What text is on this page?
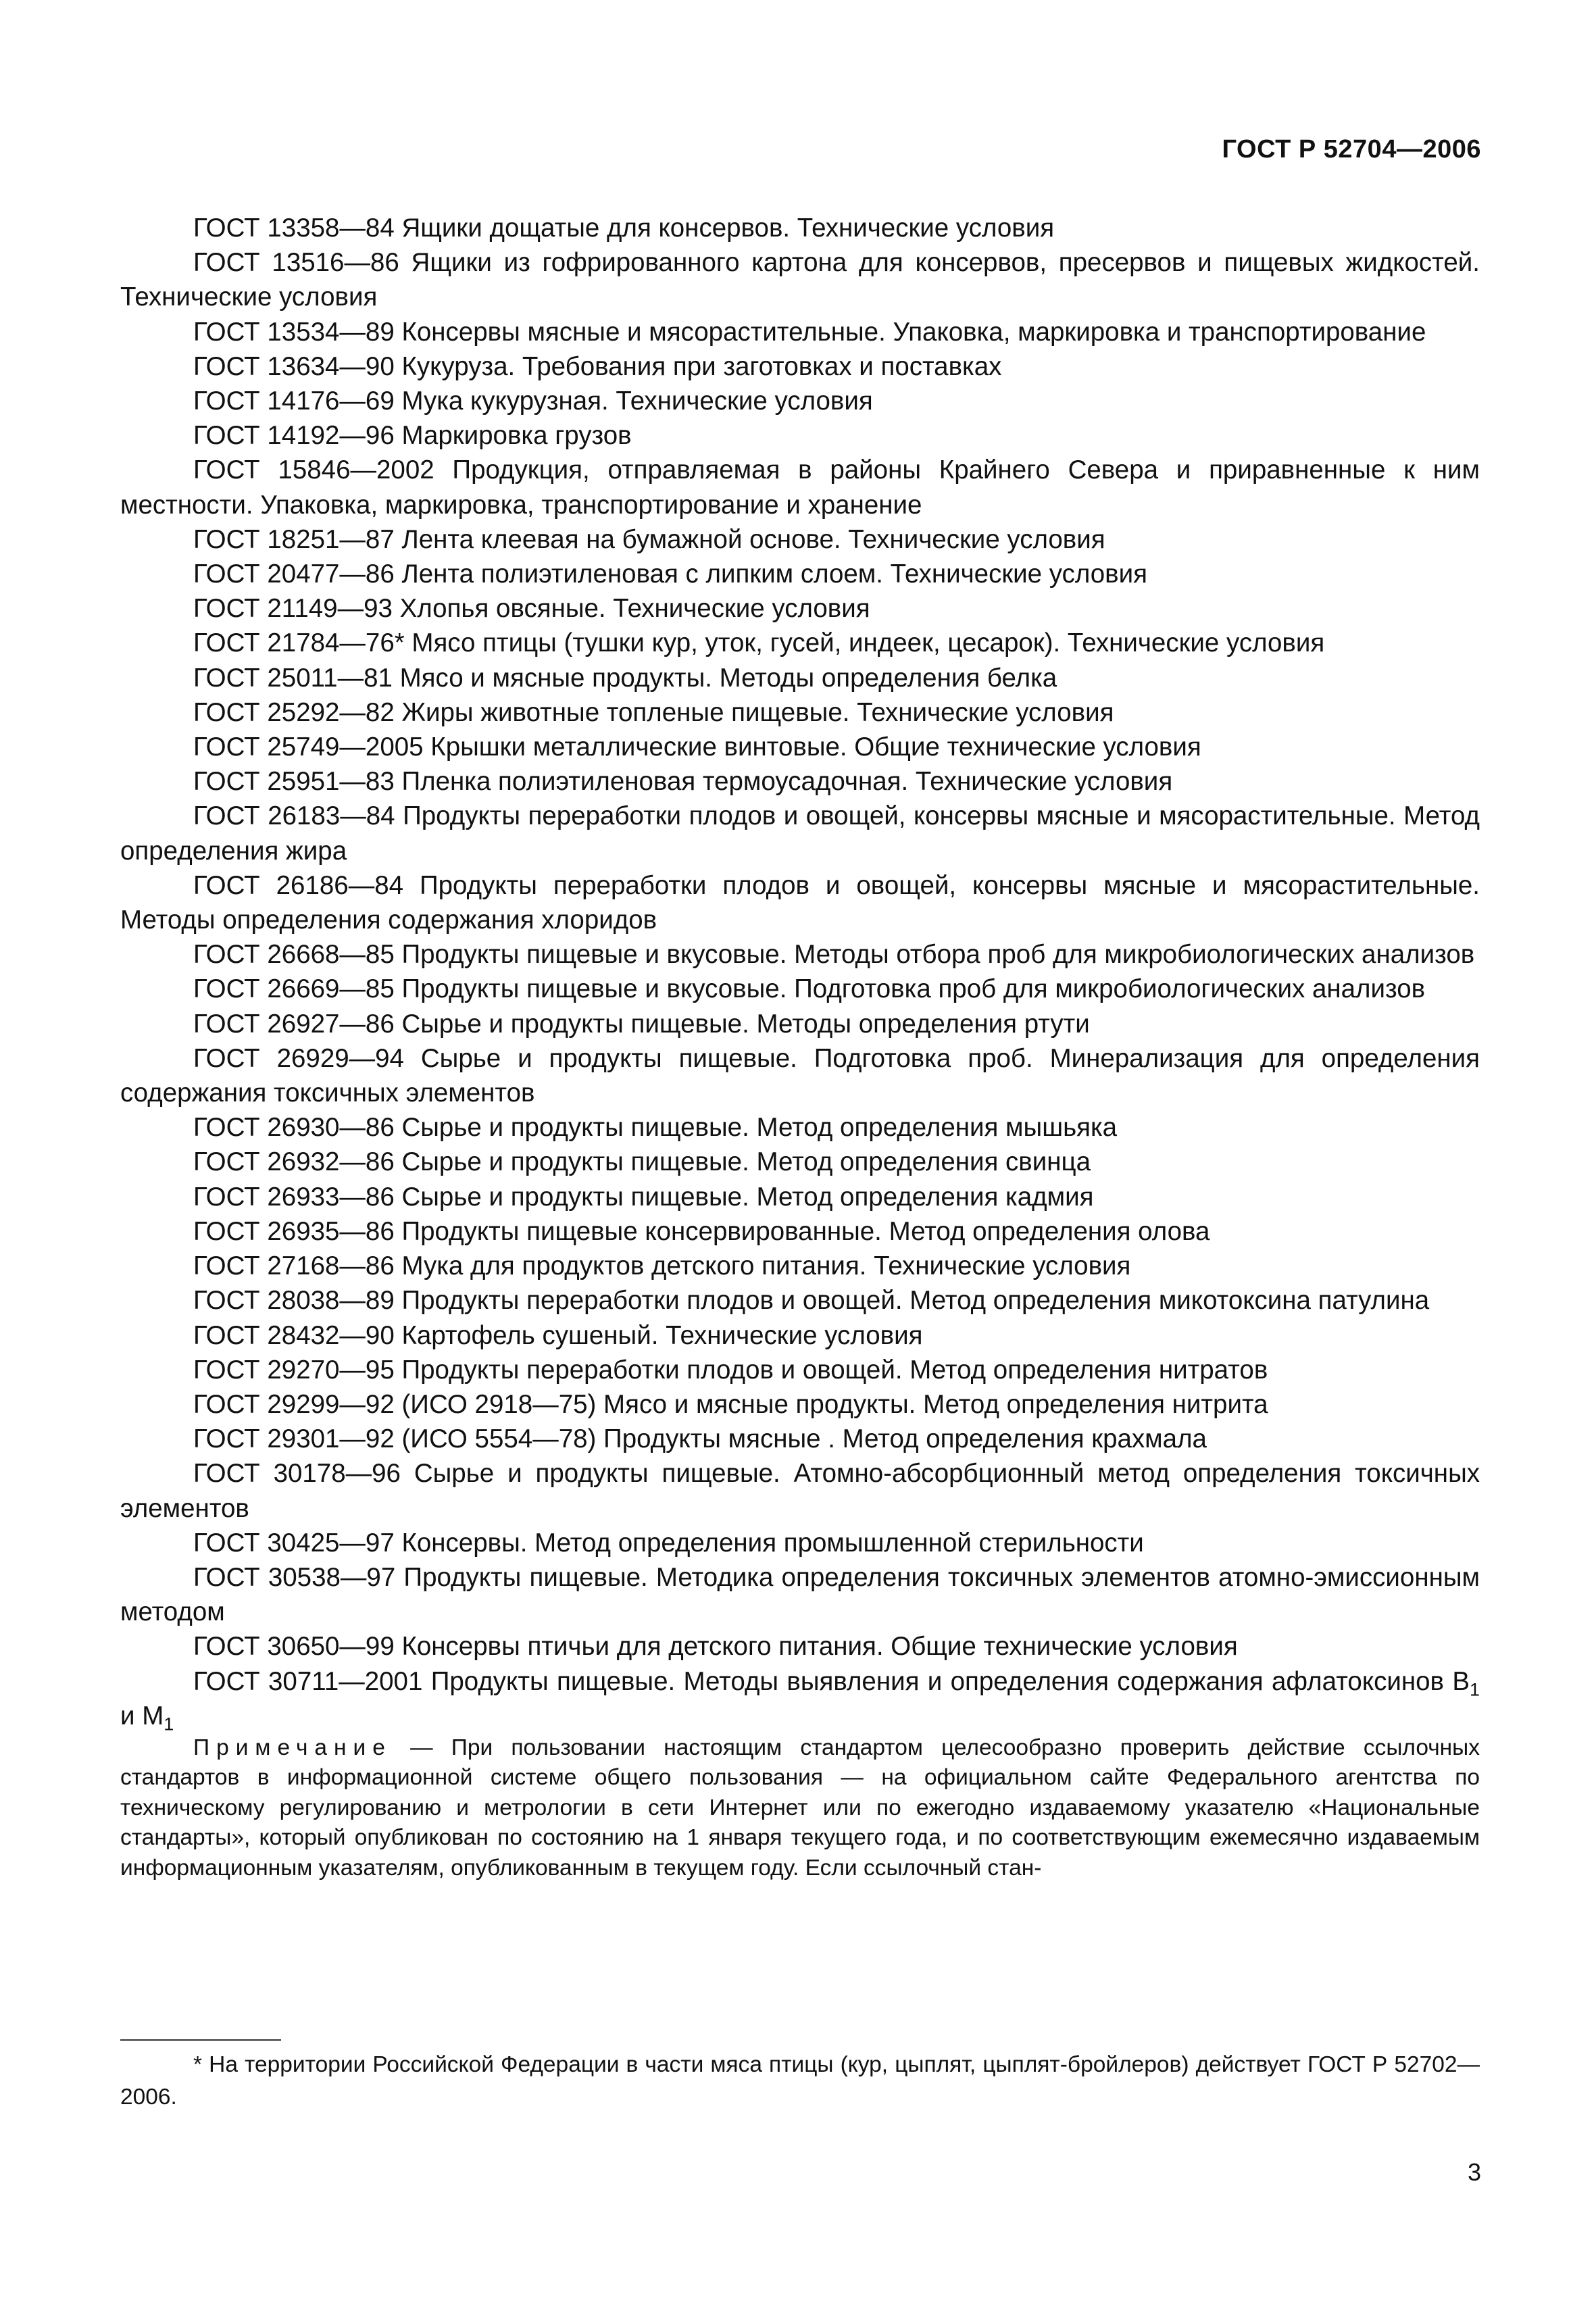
ГОСТ Р 52704—2006

ГОСТ 13358—84 Ящики дощатые для консервов. Технические условия

ГОСТ 13516—86 Ящики из гофрированного картона для консервов, пресервов и пищевых жидкостей. Технические условия

ГОСТ 13534—89 Консервы мясные и мясорастительные. Упаковка, маркировка и транспортирование

ГОСТ 13634—90 Кукуруза. Требования при заготовках и поставках

ГОСТ 14176—69 Мука кукурузная. Технические условия

ГОСТ 14192—96 Маркировка грузов

ГОСТ 15846—2002 Продукция, отправляемая в районы Крайнего Севера и приравненные к ним местности. Упаковка, маркировка, транспортирование и хранение

ГОСТ 18251—87 Лента клеевая на бумажной основе. Технические условия

ГОСТ 20477—86 Лента полиэтиленовая с липким слоем. Технические условия

ГОСТ 21149—93 Хлопья овсяные. Технические условия

ГОСТ 21784—76* Мясо птицы (тушки кур, уток, гусей, индеек, цесарок). Технические условия

ГОСТ 25011—81 Мясо и мясные продукты. Методы определения белка

ГОСТ 25292—82 Жиры животные топленые пищевые. Технические условия

ГОСТ 25749—2005 Крышки металлические винтовые. Общие технические условия

ГОСТ 25951—83 Пленка полиэтиленовая термоусадочная. Технические условия

ГОСТ 26183—84 Продукты переработки плодов и овощей, консервы мясные и мясорастительные. Метод определения жира

ГОСТ 26186—84 Продукты переработки плодов и овощей, консервы мясные и мясорастительные. Методы определения содержания хлоридов

ГОСТ 26668—85 Продукты пищевые и вкусовые. Методы отбора проб для микробиологических анализов

ГОСТ 26669—85 Продукты пищевые и вкусовые. Подготовка проб для микробиологических анализов

ГОСТ 26927—86 Сырье и продукты пищевые. Методы определения ртути

ГОСТ 26929—94 Сырье и продукты пищевые. Подготовка проб. Минерализация для определения содержания токсичных элементов

ГОСТ 26930—86 Сырье и продукты пищевые. Метод определения мышьяка

ГОСТ 26932—86 Сырье и продукты пищевые. Метод определения свинца

ГОСТ 26933—86 Сырье и продукты пищевые. Метод определения кадмия

ГОСТ 26935—86 Продукты пищевые консервированные. Метод определения олова

ГОСТ 27168—86 Мука для продуктов детского питания. Технические условия

ГОСТ 28038—89 Продукты переработки плодов и овощей. Метод определения микотоксина патулина

ГОСТ 28432—90 Картофель сушеный. Технические условия

ГОСТ 29270—95 Продукты переработки плодов и овощей. Метод определения нитратов

ГОСТ 29299—92 (ИСО 2918—75) Мясо и мясные продукты. Метод определения нитрита

ГОСТ 29301—92 (ИСО 5554—78) Продукты мясные . Метод определения крахмала

ГОСТ 30178—96 Сырье и продукты пищевые. Атомно-абсорбционный метод определения токсичных элементов

ГОСТ 30425—97 Консервы. Метод определения промышленной стерильности

ГОСТ 30538—97 Продукты пищевые. Методика определения токсичных элементов атомно-эмиссионным методом

ГОСТ 30650—99 Консервы птичьи для детского питания. Общие технические условия

ГОСТ 30711—2001 Продукты пищевые. Методы выявления и определения содержания афлатоксинов $В_1$ и $М_1$

Примечание — При пользовании настоящим стандартом целесообразно проверить действие ссылочных стандартов в информационной системе общего пользования — на официальном сайте Федерального агентства по техническому регулированию и метрологии в сети Интернет или по ежегодно издаваемому указателю «Национальные стандарты», который опубликован по состоянию на 1 января текущего года, и по соответствующим ежемесячно издаваемым информационным указателям, опубликованным в текущем году. Если ссылочный стан-

* На территории Российской Федерации в части мяса птицы (кур, цыплят, цыплят-бройлеров) действует ГОСТ Р 52702—2006.

3
